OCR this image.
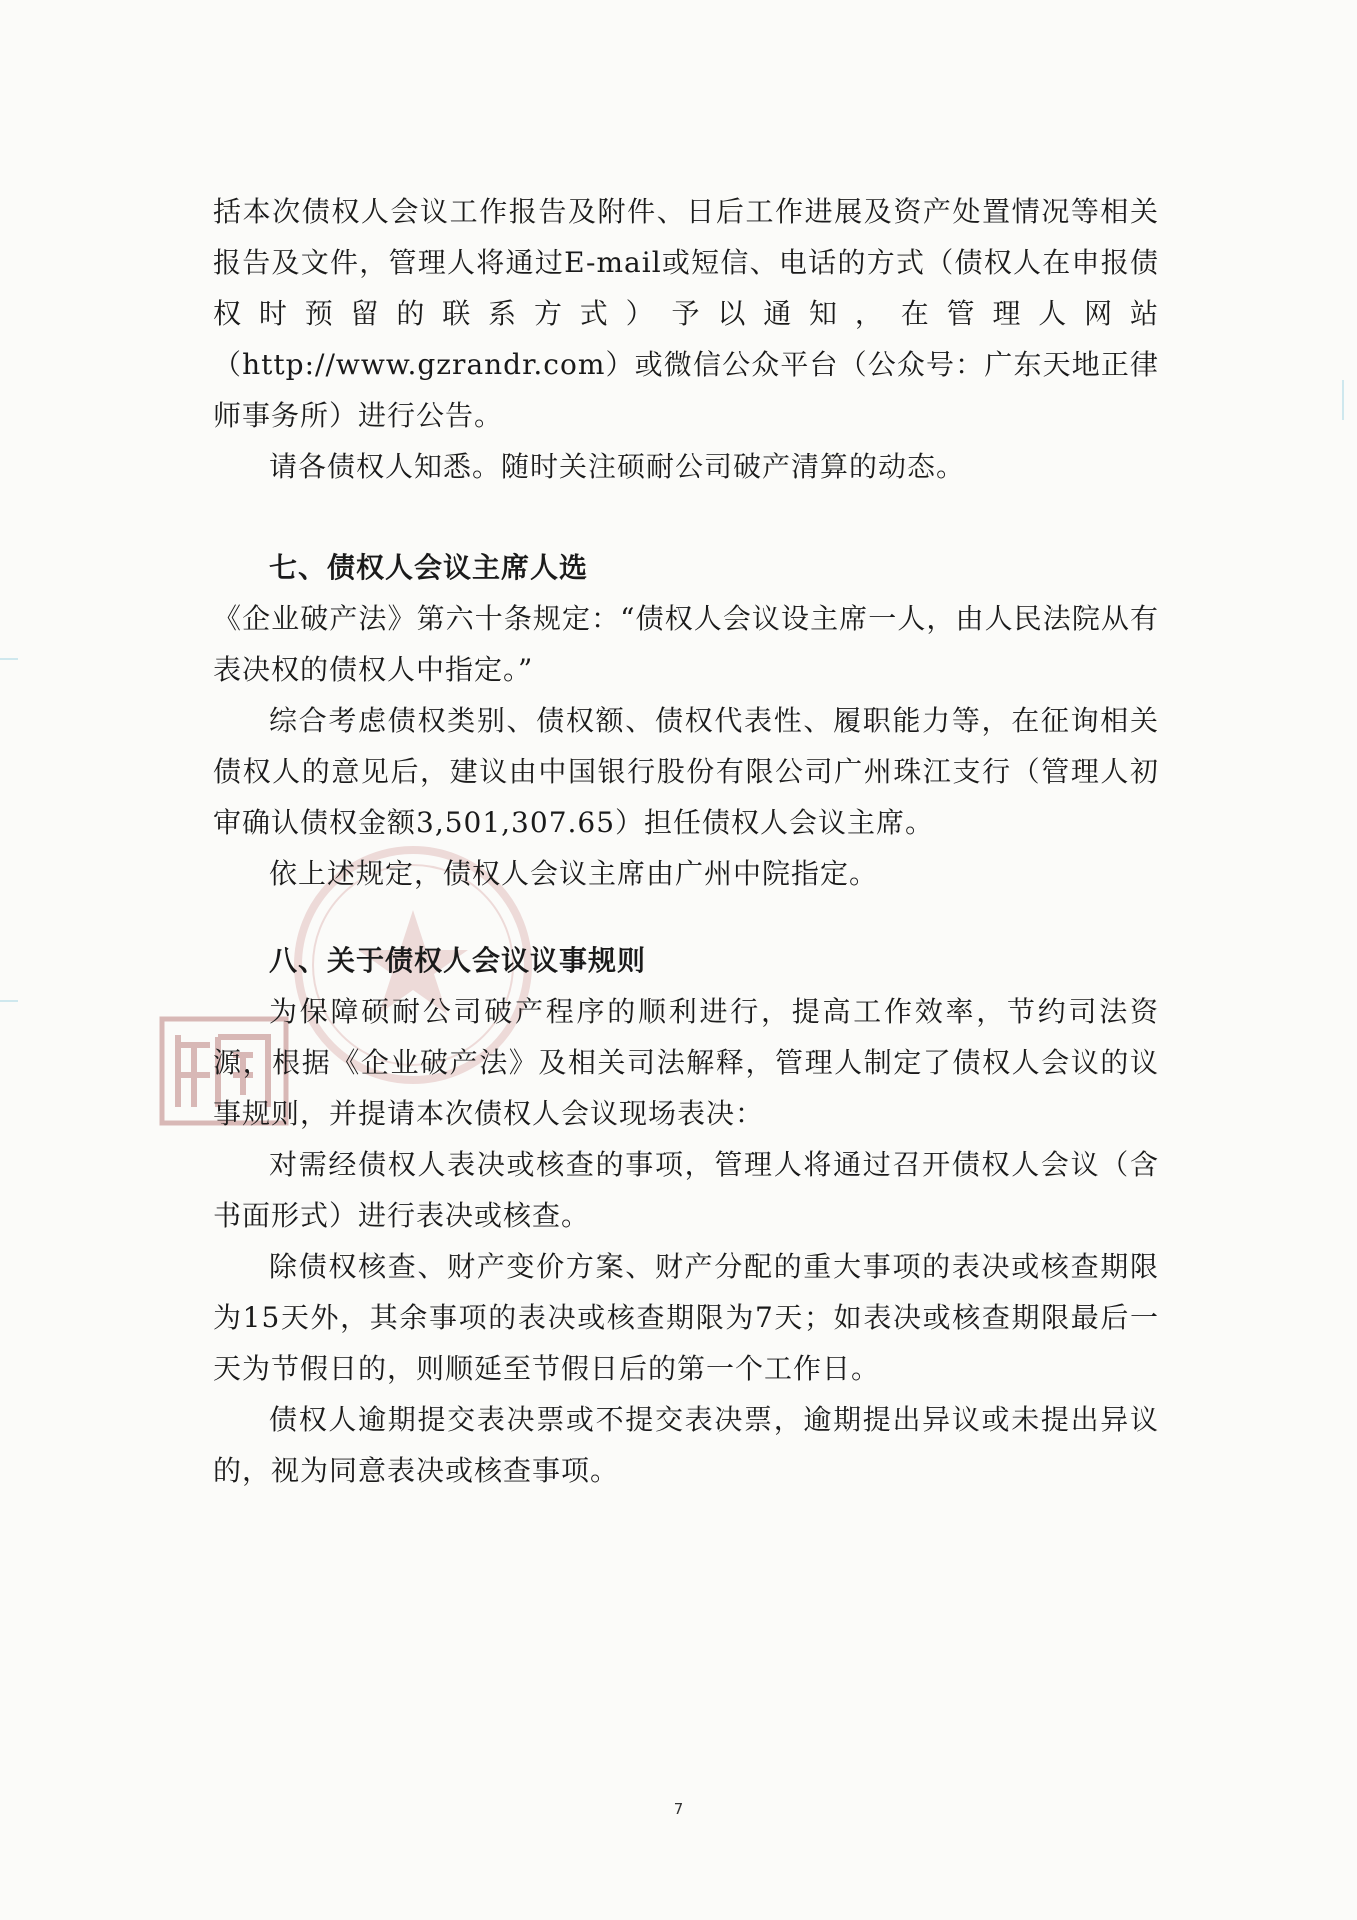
括本次债权人会议工作报告及附件、日后工作进展及资产处置情况等相关报告及文件，管理人将通过E-mail或短信、电话的方式（债权人在申报债权时预留的联系方式）予以通知，在管理人网站（http://www.gzrandr.com）或微信公众平台（公众号：广东天地正律师事务所）进行公告。

请各债权人知悉。随时关注硕耐公司破产清算的动态。

七、债权人会议主席人选

《企业破产法》第六十条规定：“债权人会议设主席一人，由人民法院从有表决权的债权人中指定。”

综合考虑债权类别、债权额、债权代表性、履职能力等，在征询相关债权人的意见后，建议由中国银行股份有限公司广州珠江支行（管理人初审确认债权金额3,501,307.65）担任债权人会议主席。

依上述规定，债权人会议主席由广州中院指定。

八、关于债权人会议议事规则

为保障硕耐公司破产程序的顺利进行，提高工作效率，节约司法资源，根据《企业破产法》及相关司法解释，管理人制定了债权人会议的议事规则，并提请本次债权人会议现场表决：

对需经债权人表决或核查的事项，管理人将通过召开债权人会议（含书面形式）进行表决或核查。

除债权核查、财产变价方案、财产分配的重大事项的表决或核查期限为15天外，其余事项的表决或核查期限为7天；如表决或核查期限最后一天为节假日的，则顺延至节假日后的第一个工作日。

债权人逾期提交表决票或不提交表决票，逾期提出异议或未提出异议的，视为同意表决或核查事项。

7
